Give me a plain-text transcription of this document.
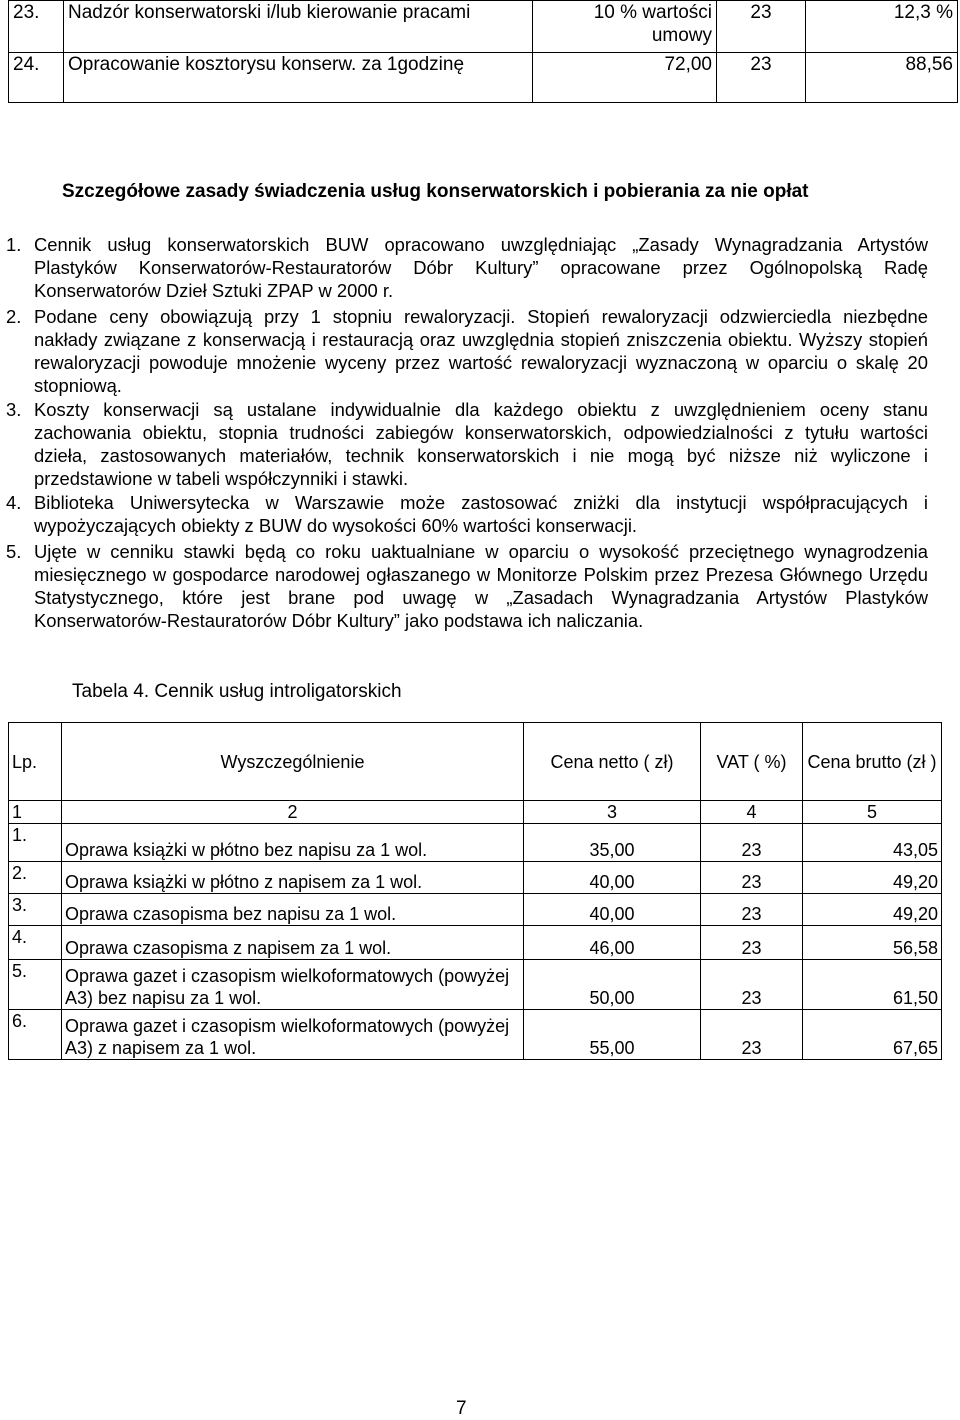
23.	Nadzór konserwatorski i/lub kierowanie pracami	10 % wartości umowy	23	12,3 %
24.	Opracowanie kosztorysu konserw. za 1godzinę	72,00	23	88,56
Szczegółowe zasady świadczenia usług konserwatorskich i pobierania za nie opłat
1. Cennik usług konserwatorskich BUW opracowano uwzględniając „Zasady Wynagradzania Artystów Plastyków Konserwatorów-Restauratorów Dóbr Kultury” opracowane przez Ogólnopolską Radę Konserwatorów Dzieł Sztuki ZPAP w 2000 r.
2. Podane ceny obowiązują przy 1 stopniu rewaloryzacji. Stopień rewaloryzacji odzwierciedla niezbędne nakłady związane z konserwacją i restauracją oraz uwzględnia stopień zniszczenia obiektu. Wyższy stopień rewaloryzacji powoduje mnożenie wyceny przez wartość rewaloryzacji wyznaczoną w oparciu o skalę 20 stopniową.
3. Koszty konserwacji są ustalane indywidualnie dla każdego obiektu z uwzględnieniem oceny stanu zachowania obiektu, stopnia trudności zabiegów konserwatorskich, odpowiedzialności z tytułu wartości dzieła, zastosowanych materiałów, technik konserwatorskich i nie mogą być niższe niż wyliczone i przedstawione w tabeli współczynniki i stawki.
4. Biblioteka Uniwersytecka w Warszawie może zastosować zniżki dla instytucji współpracujących i wypożyczających obiekty z BUW do wysokości 60% wartości konserwacji.
5. Ujęte w cenniku stawki będą co roku uaktualniane w oparciu o wysokość przeciętnego wynagrodzenia miesięcznego w gospodarce narodowej ogłaszanego w Monitorze Polskim przez Prezesa Głównego Urzędu Statystycznego, które jest brane pod uwagę w „Zasadach Wynagradzania Artystów Plastyków Konserwatorów-Restauratorów Dóbr Kultury” jako podstawa ich naliczania.
Tabela 4. Cennik usług introligatorskich
Lp.	Wyszczególnienie	Cena netto ( zł)	VAT ( %)	Cena brutto (zł )
1	2	3	4	5
1.	Oprawa książki w płótno bez napisu za 1 wol.	35,00	23	43,05
2.	Oprawa książki w płótno z napisem za 1 wol.	40,00	23	49,20
3.	Oprawa czasopisma bez napisu za 1 wol.	40,00	23	49,20
4.	Oprawa czasopisma z napisem za 1 wol.	46,00	23	56,58
5.	Oprawa gazet i czasopism wielkoformatowych (powyżej A3) bez napisu za 1 wol.	50,00	23	61,50
6.	Oprawa gazet i czasopism wielkoformatowych (powyżej A3) z napisem za 1 wol.	55,00	23	67,65
7
